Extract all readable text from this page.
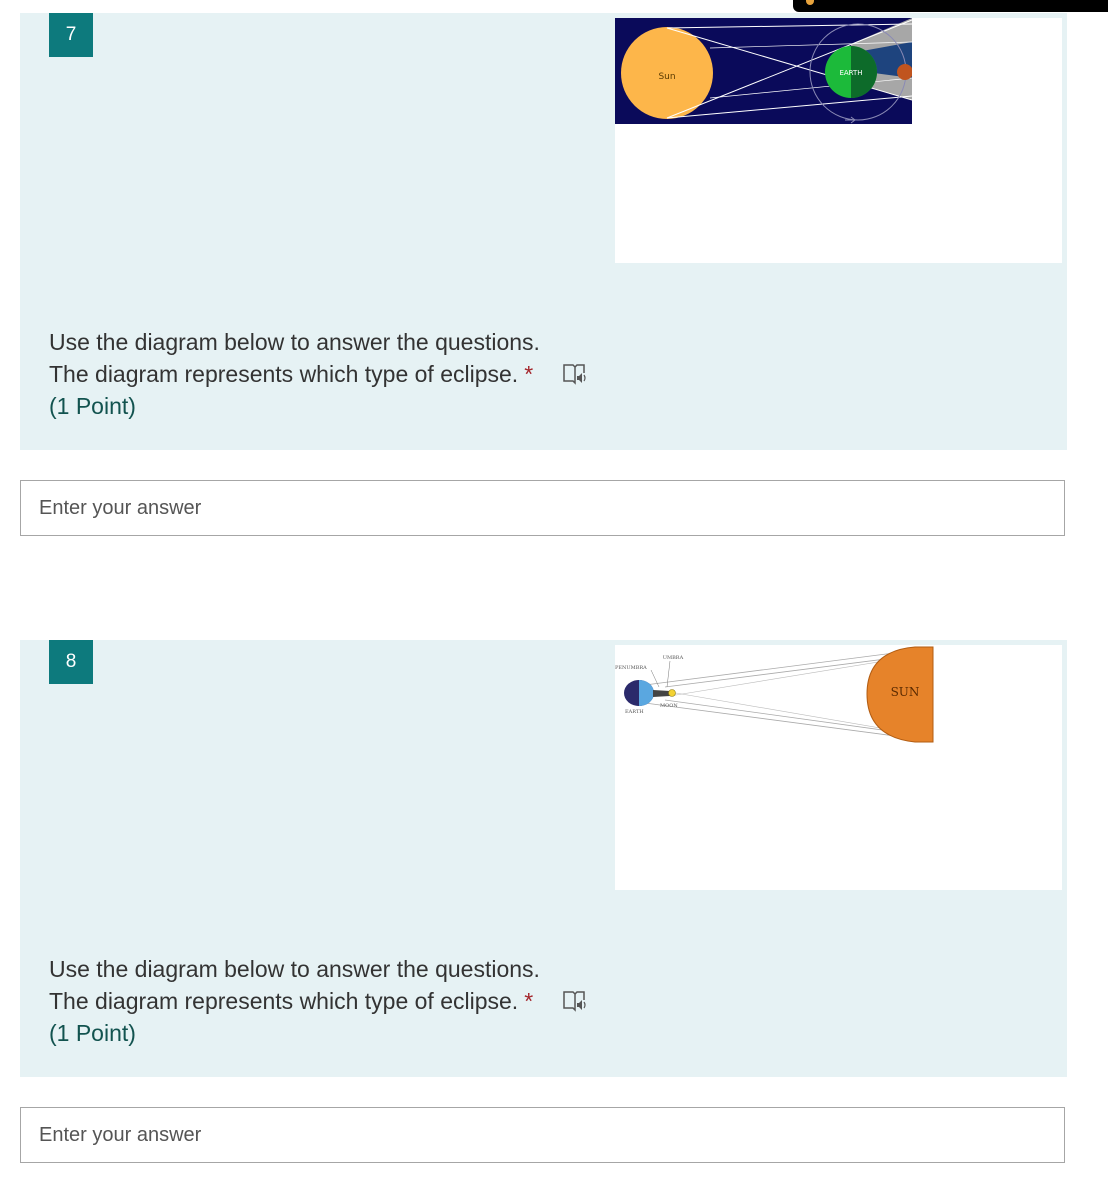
7
Sun	EARTH
Use the diagram below to answer the questions.
The diagram represents which type of eclipse. *
(1 Point)
Enter your answer
8
SUN
UMBRA
PENUMBRA
MOON
EARTH
Use the diagram below to answer the questions.
The diagram represents which type of eclipse. *
(1 Point)
Enter your answer
